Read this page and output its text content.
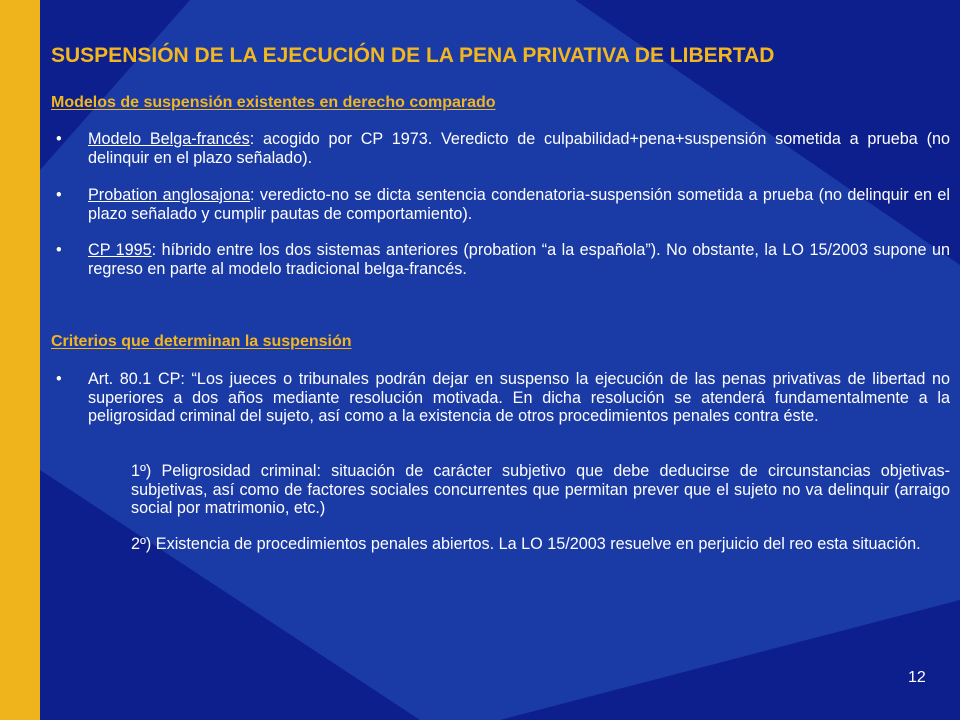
SUSPENSIÓN DE LA EJECUCIÓN DE LA PENA PRIVATIVA DE LIBERTAD
Modelos de suspensión existentes en derecho comparado
• Modelo Belga-francés: acogido por CP 1973. Veredicto de culpabilidad+pena+suspensión sometida a prueba (no delinquir en el plazo señalado).
• Probation anglosajona: veredicto-no se dicta sentencia condenatoria-suspensión sometida a prueba (no delinquir en el plazo señalado y cumplir pautas de comportamiento).
• CP 1995: híbrido entre los dos sistemas anteriores (probation “a la española”). No obstante, la LO 15/2003 supone un regreso en parte al modelo tradicional belga-francés.
Criterios que determinan la suspensión
• Art. 80.1 CP: “Los jueces o tribunales podrán dejar en suspenso la ejecución de las penas privativas de libertad no superiores a dos años mediante resolución motivada. En dicha resolución se atenderá fundamentalmente a la peligrosidad criminal del sujeto, así como a la existencia de otros procedimientos penales contra éste.
1º) Peligrosidad criminal: situación de carácter subjetivo que debe deducirse de circunstancias objetivas-subjetivas, así como de factores sociales concurrentes que permitan prever que el sujeto no va delinquir (arraigo social por matrimonio, etc.)
2º) Existencia de procedimientos penales abiertos. La LO 15/2003 resuelve en perjuicio del reo esta situación.
12
